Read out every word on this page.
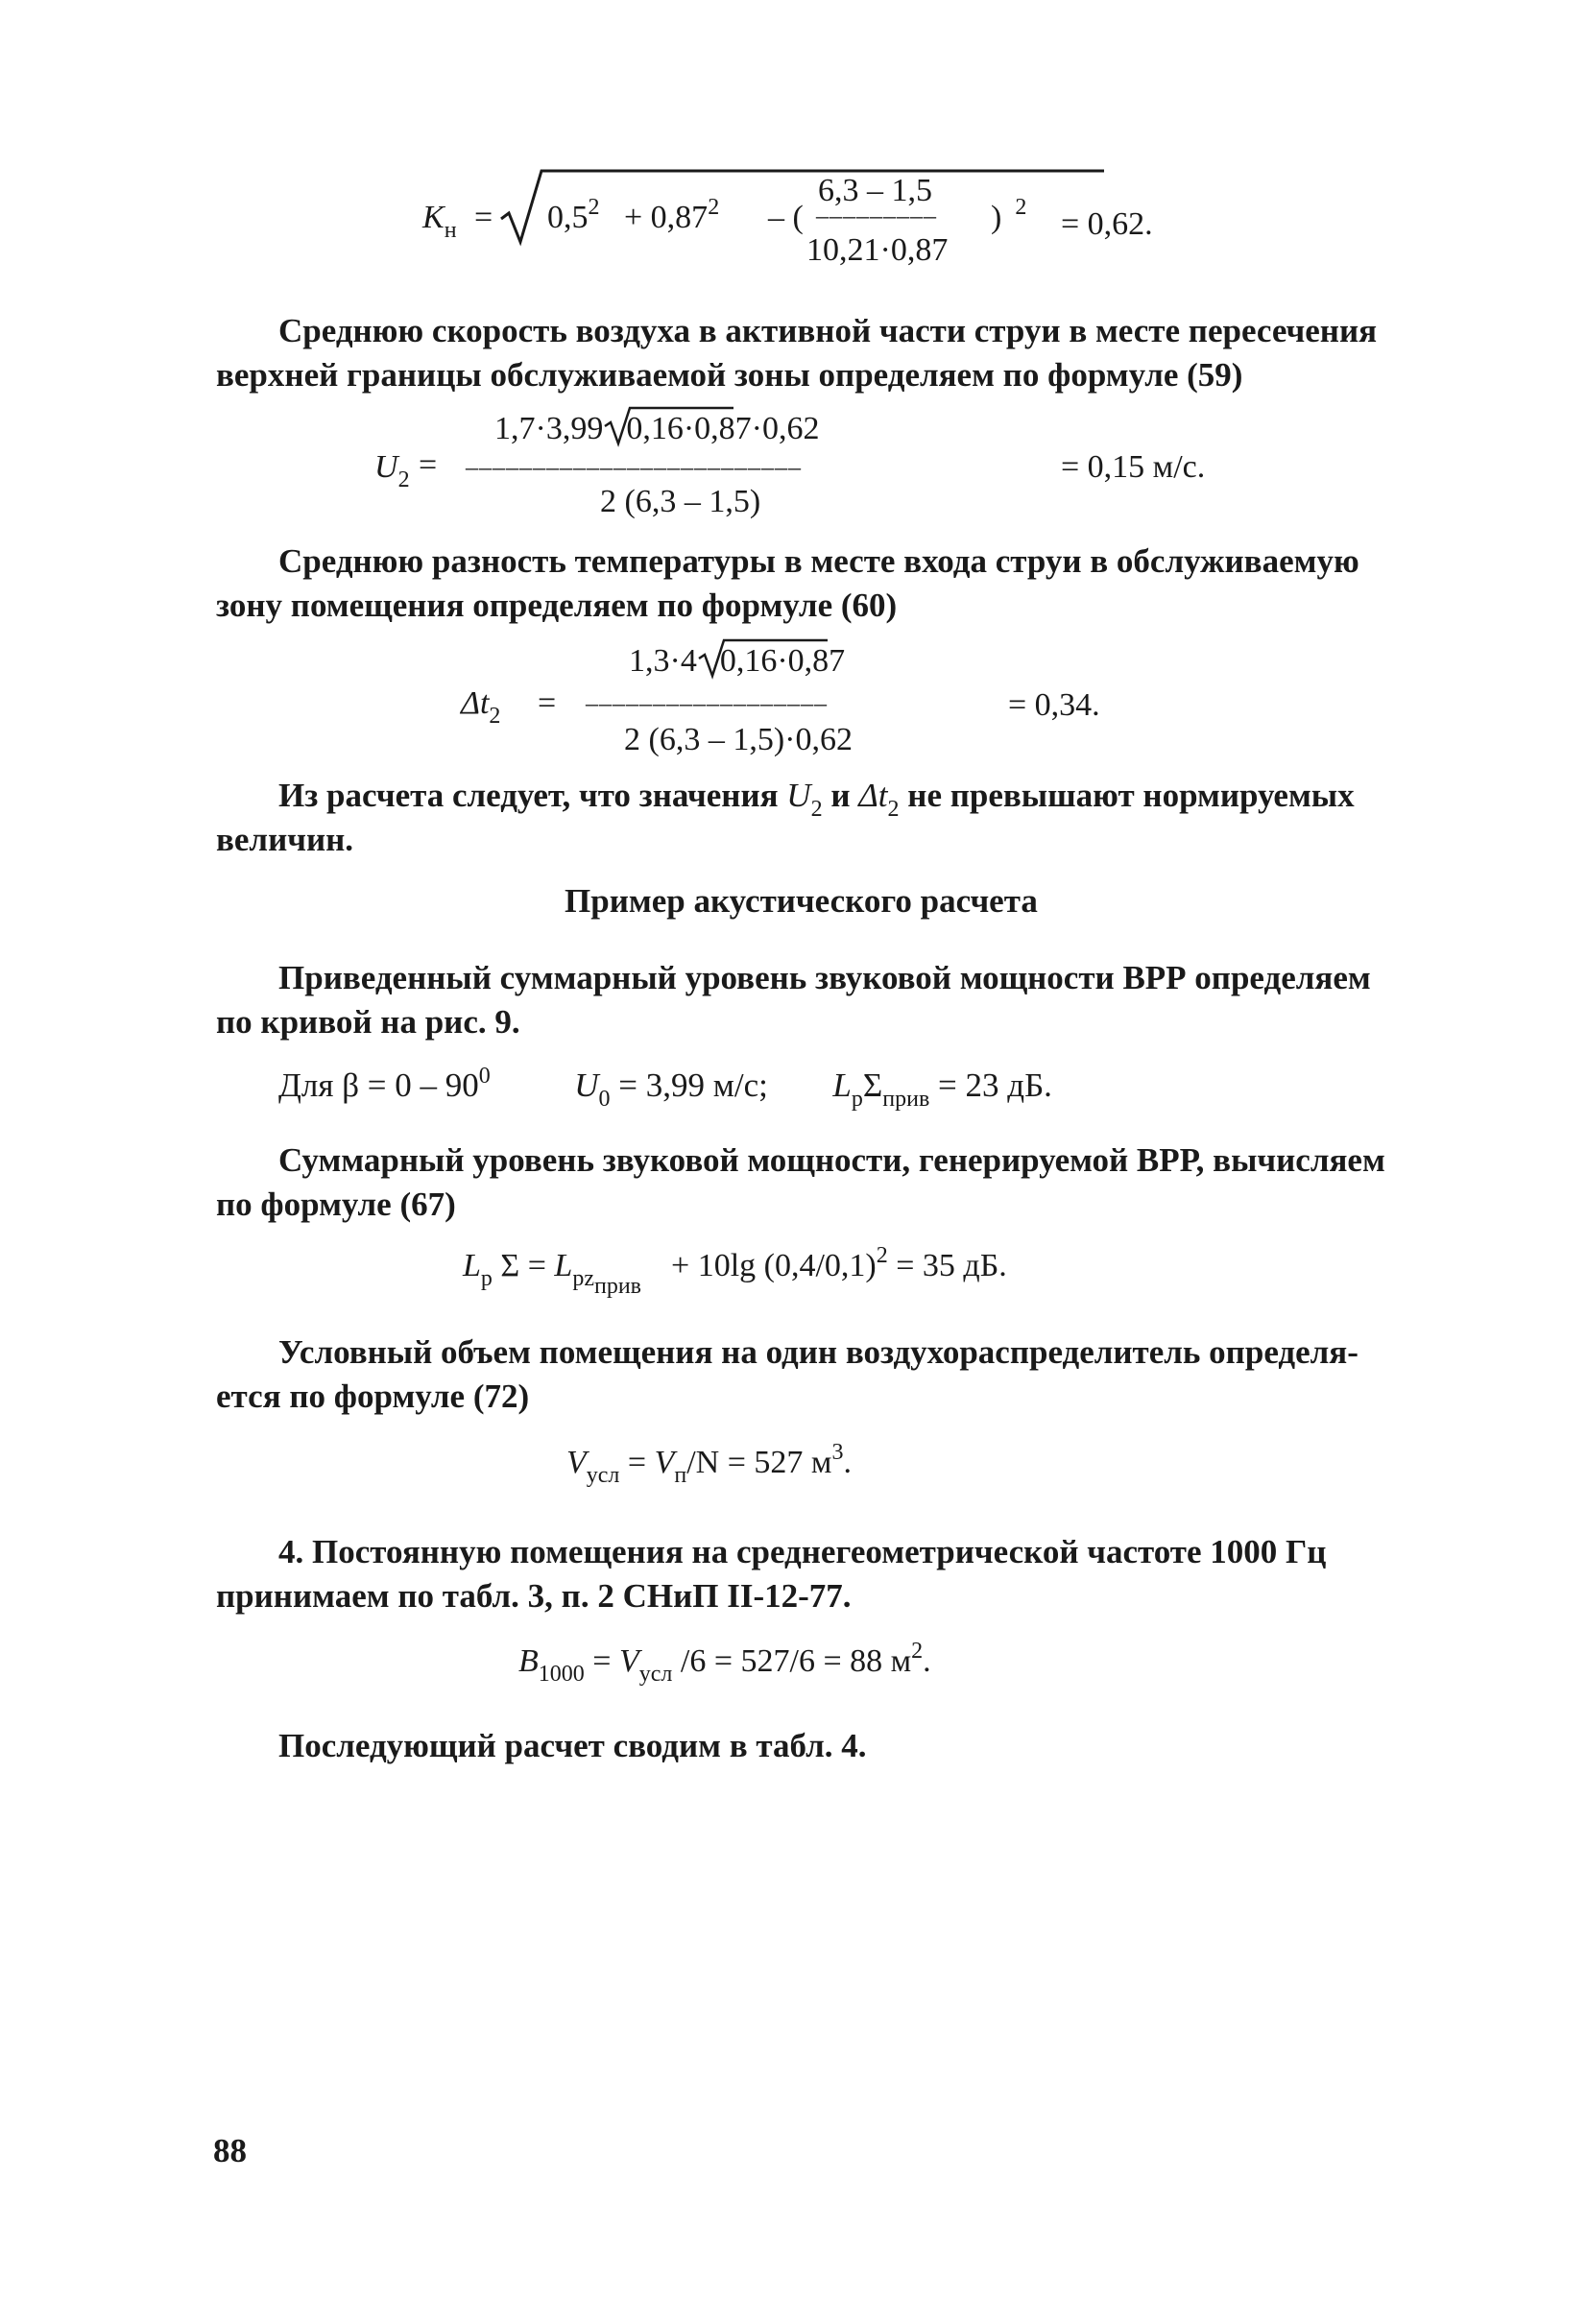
$K_н = 0,5^2 + 0,87^2$ – (
6,3 – 1,5
–––––––––
10,21·0,87
) $^2$ = 0,62.
Среднюю скорость воздуха в активной части струи в месте пересечения
верхней границы обслуживаемой зоны определяем по формуле (59)
$U_2$ =
1,7·3,99 0,16·0,87·0,62
–––––––––––––––––––––––––
2 (6,3 – 1,5)
= 0,15 м/с.
Среднюю разность температуры в месте входа струи в обслуживаемую
зону помещения определяем по формуле (60)
$\Delta t_2$ =
1,3·4 0,16·0,87
––––––––––––––––––
2 (6,3 – 1,5)·0,62
= 0,34.
Из расчета следует, что значения $U_2$ и $\Delta t_2$ не превышают нормируемых
величин.
Пример акустического расчета
Приведенный суммарный уровень звуковой мощности ВРР определяем
по кривой на рис. 9.
Для $\beta = 0 - 90^0$	$U_0 = 3,99$ м/с; $L_p\Sigma_{прив} = 23$ дБ.
Суммарный уровень звуковой мощности, генерируемой ВРР, вычисляем
по формуле (67)
$L_p$ $\Sigma = L_{pzприв} + 10\lg$ $(0,4/0,1)^2 = 35$ дБ.
Условный объем помещения на один воздухораспределитель определя-
ется по формуле (72)
$V_{усл} = V_п/N = 527$ $м^3$.
4. Постоянную помещения на среднегеометрической частоте 1000 Гц
принимаем по табл. 3, п. 2 СНиП II-12-77.
$B_{1000} = V_{усл}$ /6 = 527/6 = 88 $м^2$.
Последующий расчет сводим в табл. 4.
88
